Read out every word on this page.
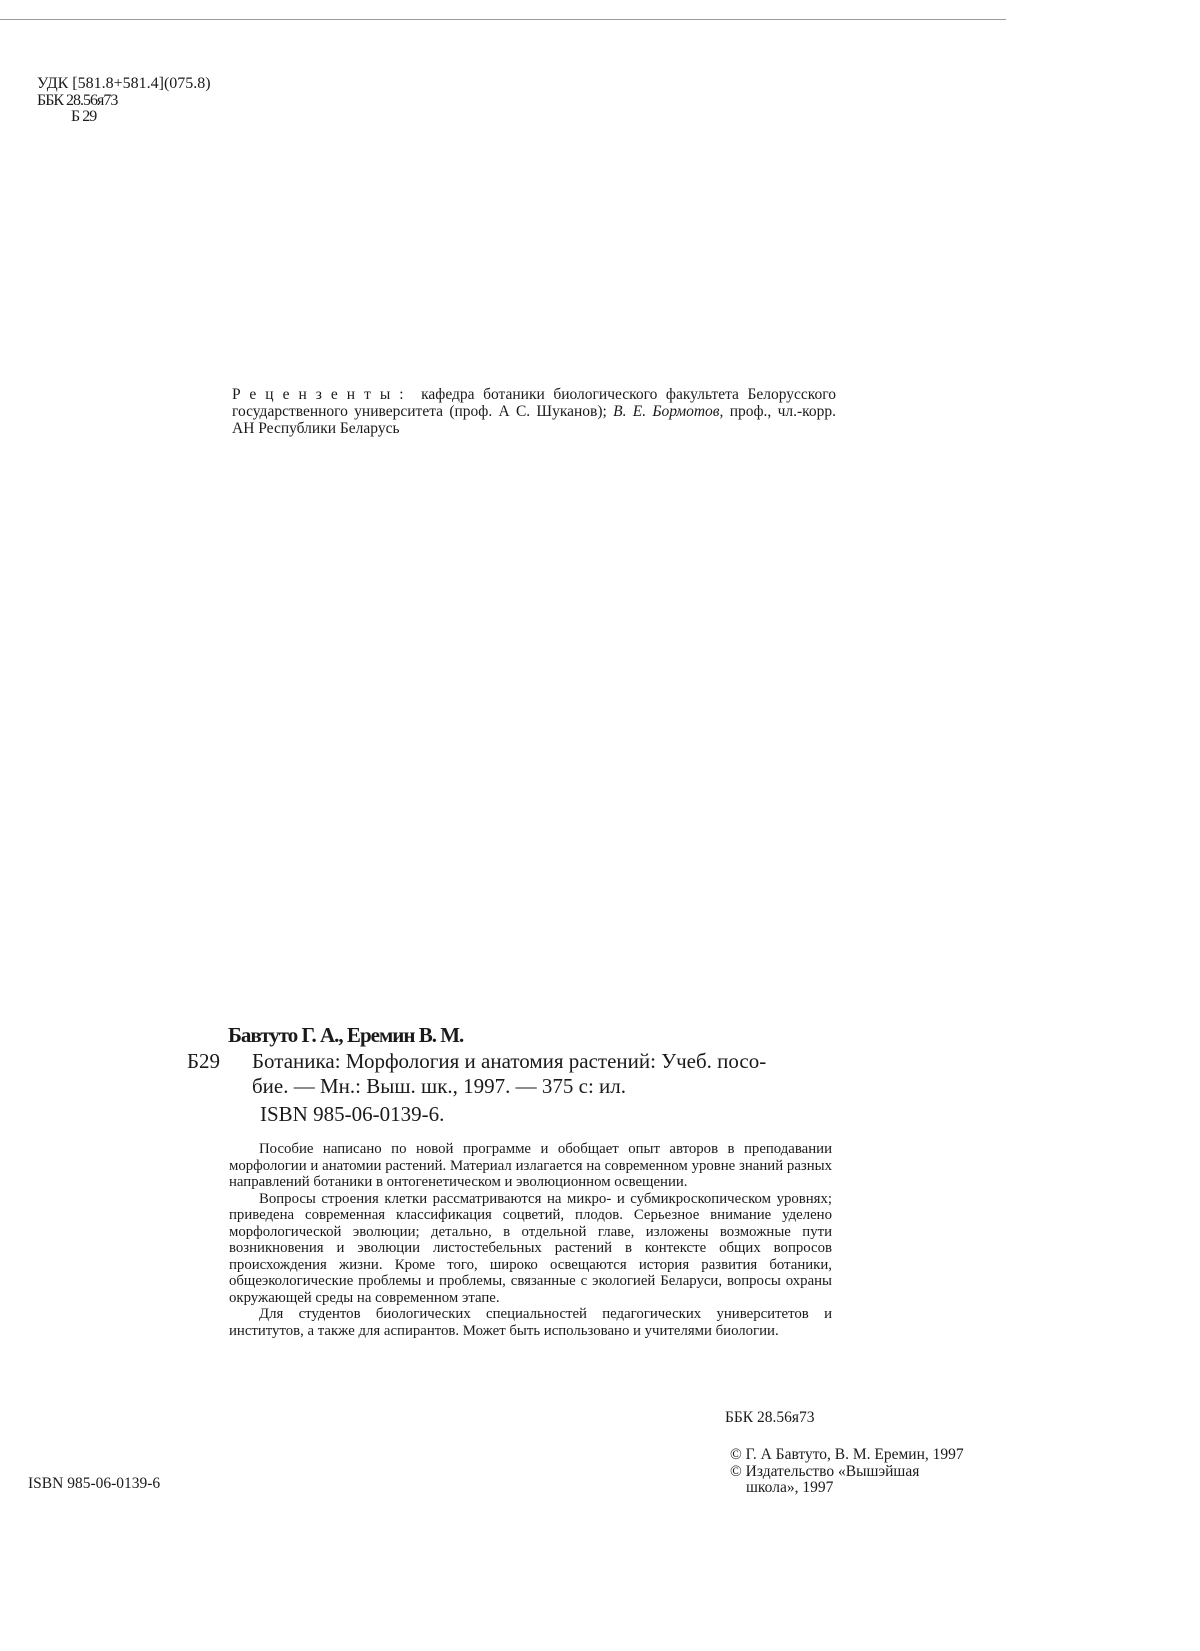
УДК [581.8+581.4](075.8)
ББК 28.56я73
Б 29
Рецензенты: кафедра ботаники биологического факультета Белорусского государственного университета (проф. А С. Шуканов); В. Е. Бормотов, проф., чл.-корр. АН Республики Беларусь
Бавтуто Г. А., Еремин В. М.
Б29 Ботаника: Морфология и анатомия растений: Учеб. посо-
бие. — Мн.: Выш. шк., 1997. — 375 с: ил.
ISBN 985-06-0139-6.

Пособие написано по новой программе и обобщает опыт авторов в преподавании морфологии и анатомии растений. Материал излагается на современном уровне знаний разных направлений ботаники в онтогенетическом и эволюционном освещении.

Вопросы строения клетки рассматриваются на микро- и субмикроскопическом уровнях; приведена современная классификация соцветий, плодов. Серьезное внимание уделено морфологической эволюции; детально, в отдельной главе, изложены возможные пути возникновения и эволюции листостебельных растений в контексте общих вопросов происхождения жизни. Кроме того, широко освещаются история развития ботаники, общеэкологические проблемы и проблемы, связанные с экологией Беларуси, вопросы охраны окружающей среды на современном этапе.

Для студентов биологических специальностей педагогических университетов и институтов, а также для аспирантов. Может быть использовано и учителями биологии.

ББК 28.56я73
© Г. А Бавтуто, В. М. Еремин, 1997
© Издательство «Вышэйшая
школа», 1997
ISBN 985-06-0139-6
